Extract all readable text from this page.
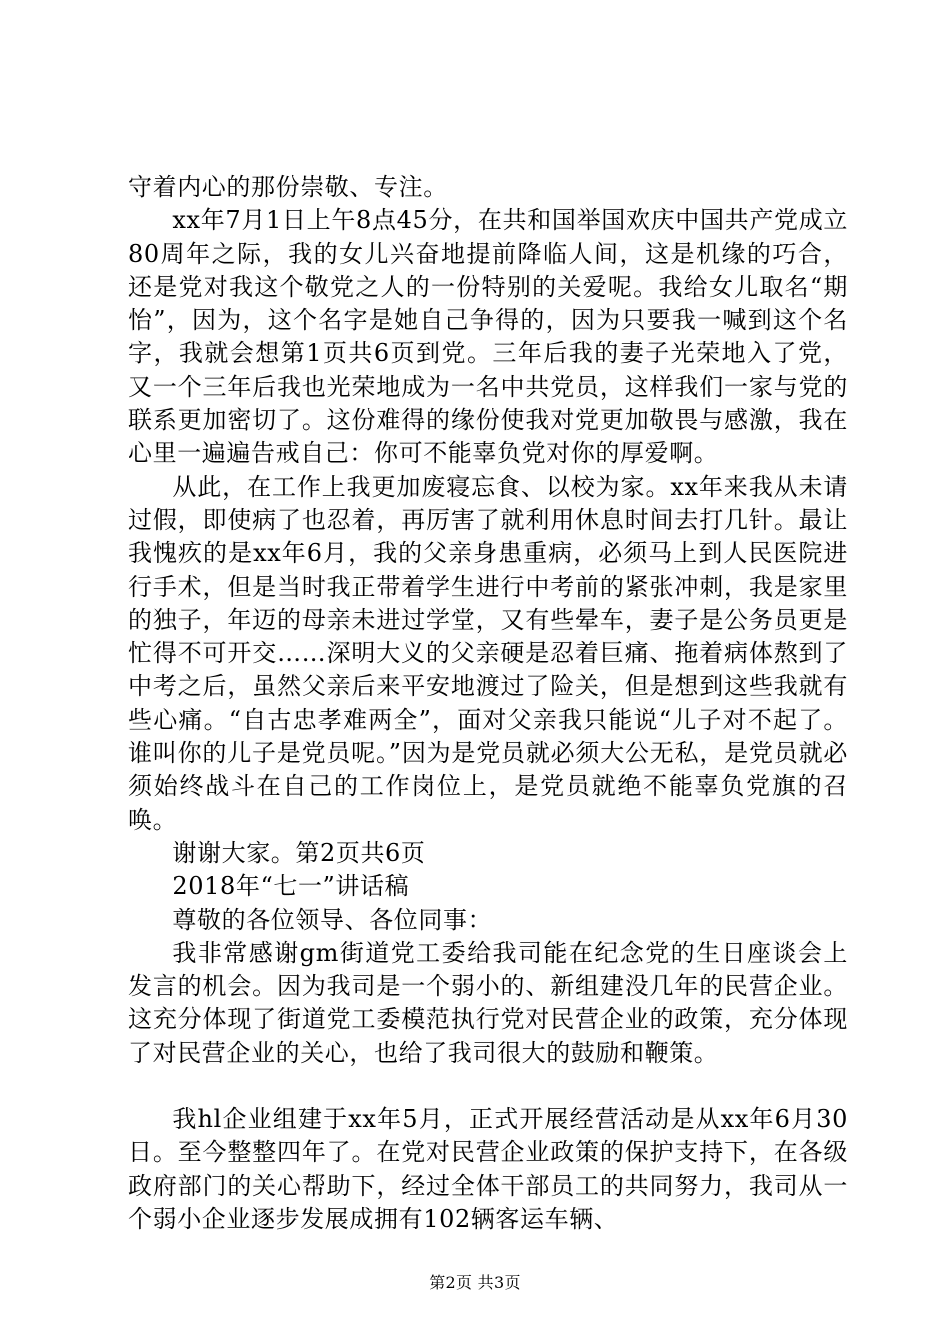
守着内心的那份崇敬、专注。

xx年7月1日上午8点45分，在共和国举国欢庆中国共产党成立80周年之际，我的女儿兴奋地提前降临人间，这是机缘的巧合，还是党对我这个敬党之人的一份特别的关爱呢。我给女儿取名“期怡”，因为，这个名字是她自己争得的，因为只要我一喊到这个名字，我就会想第1页共6页到党。三年后我的妻子光荣地入了党，又一个三年后我也光荣地成为一名中共党员，这样我们一家与党的联系更加密切了。这份难得的缘份使我对党更加敬畏与感激，我在心里一遍遍告戒自己：你可不能辜负党对你的厚爱啊。

从此，在工作上我更加废寝忘食、以校为家。xx年来我从未请过假，即使病了也忍着，再厉害了就利用休息时间去打几针。最让我愧疚的是xx年6月，我的父亲身患重病，必须马上到人民医院进行手术，但是当时我正带着学生进行中考前的紧张冲刺，我是家里的独子，年迈的母亲未进过学堂，又有些晕车，妻子是公务员更是忙得不可开交……深明大义的父亲硬是忍着巨痛、拖着病体熬到了中考之后，虽然父亲后来平安地渡过了险关，但是想到这些我就有些心痛。“自古忠孝难两全”，面对父亲我只能说“儿子对不起了。谁叫你的儿子是党员呢。”因为是党员就必须大公无私，是党员就必须始终战斗在自己的工作岗位上，是党员就绝不能辜负党旗的召唤。

谢谢大家。第2页共6页

2018年“七一”讲话稿

尊敬的各位领导、各位同事：

我非常感谢gm街道党工委给我司能在纪念党的生日座谈会上发言的机会。因为我司是一个弱小的、新组建没几年的民营企业。这充分体现了街道党工委模范执行党对民营企业的政策，充分体现了对民营企业的关心，也给了我司很大的鼓励和鞭策。

我hl企业组建于xx年5月，正式开展经营活动是从xx年6月30日。至今整整四年了。在党对民营企业政策的保护支持下，在各级政府部门的关心帮助下，经过全体干部员工的共同努力，我司从一个弱小企业逐步发展成拥有102辆客运车辆、

第2页 共3页
